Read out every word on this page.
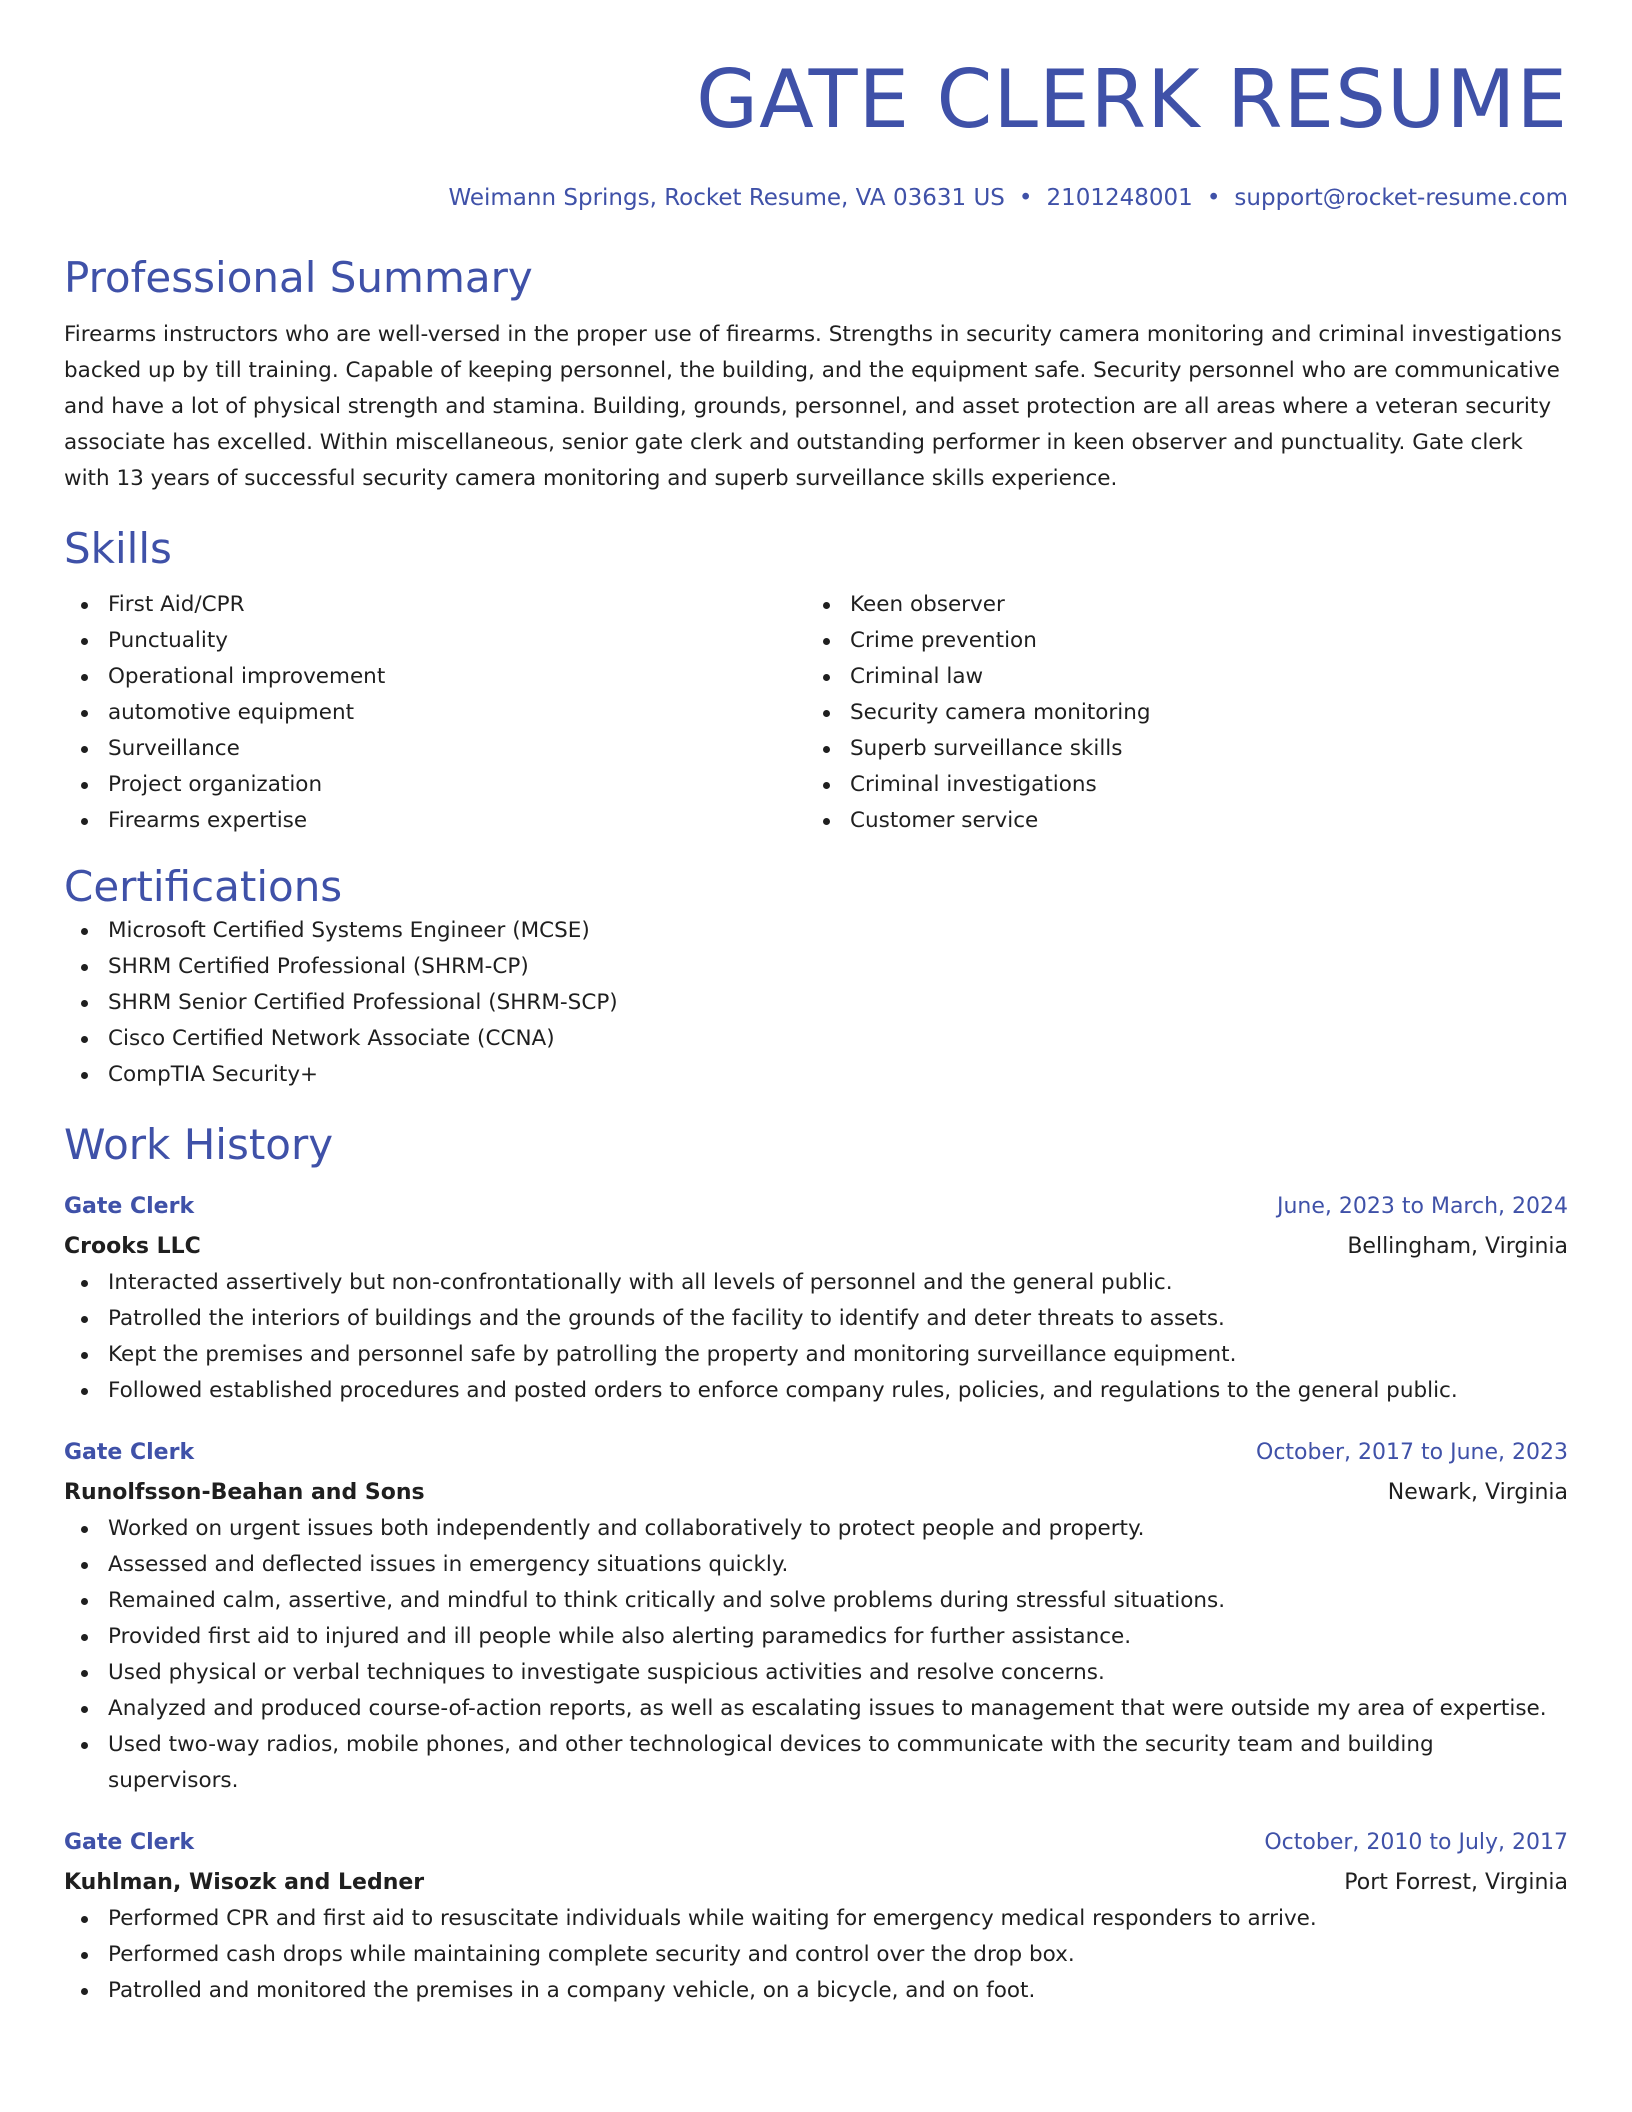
GATE CLERK RESUME
Weimann Springs, Rocket Resume, VA 03631 US • 2101248001 • support@rocket-resume.com
Professional Summary
Firearms instructors who are well-versed in the proper use of firearms. Strengths in security camera monitoring and criminal investigations backed up by till training. Capable of keeping personnel, the building, and the equipment safe. Security personnel who are communicative and have a lot of physical strength and stamina. Building, grounds, personnel, and asset protection are all areas where a veteran security associate has excelled. Within miscellaneous, senior gate clerk and outstanding performer in keen observer and punctuality. Gate clerk with 13 years of successful security camera monitoring and superb surveillance skills experience.
Skills
First Aid/CPR
Punctuality
Operational improvement
automotive equipment
Surveillance
Project organization
Firearms expertise
Keen observer
Crime prevention
Criminal law
Security camera monitoring
Superb surveillance skills
Criminal investigations
Customer service
Certifications
Microsoft Certified Systems Engineer (MCSE)
SHRM Certified Professional (SHRM-CP)
SHRM Senior Certified Professional (SHRM-SCP)
Cisco Certified Network Associate (CCNA)
CompTIA Security+
Work History
Gate Clerk	June, 2023 to March, 2024
Crooks LLC	Bellingham, Virginia
Interacted assertively but non-confrontationally with all levels of personnel and the general public.
Patrolled the interiors of buildings and the grounds of the facility to identify and deter threats to assets.
Kept the premises and personnel safe by patrolling the property and monitoring surveillance equipment.
Followed established procedures and posted orders to enforce company rules, policies, and regulations to the general public.
Gate Clerk	October, 2017 to June, 2023
Runolfsson-Beahan and Sons	Newark, Virginia
Worked on urgent issues both independently and collaboratively to protect people and property.
Assessed and deflected issues in emergency situations quickly.
Remained calm, assertive, and mindful to think critically and solve problems during stressful situations.
Provided first aid to injured and ill people while also alerting paramedics for further assistance.
Used physical or verbal techniques to investigate suspicious activities and resolve concerns.
Analyzed and produced course-of-action reports, as well as escalating issues to management that were outside my area of expertise.
Used two-way radios, mobile phones, and other technological devices to communicate with the security team and building supervisors.
Gate Clerk	October, 2010 to July, 2017
Kuhlman, Wisozk and Ledner	Port Forrest, Virginia
Performed CPR and first aid to resuscitate individuals while waiting for emergency medical responders to arrive.
Performed cash drops while maintaining complete security and control over the drop box.
Patrolled and monitored the premises in a company vehicle, on a bicycle, and on foot.
